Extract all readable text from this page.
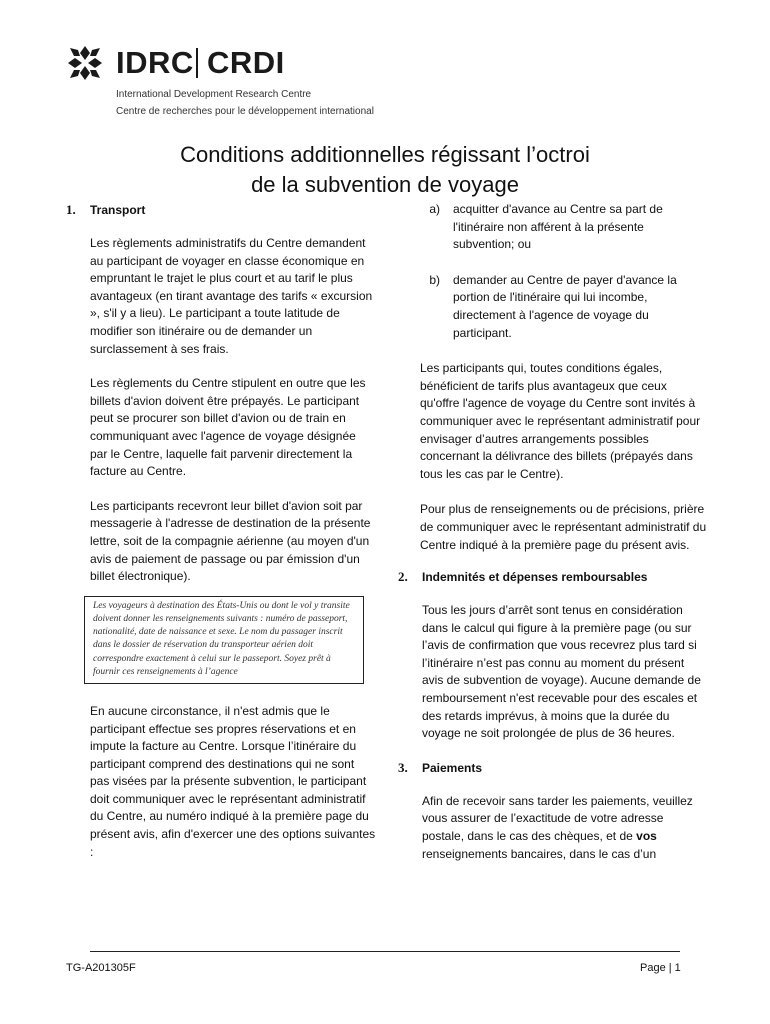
IDRC CRDI
International Development Research Centre
Centre de recherches pour le développement international
Conditions additionnelles régissant l’octroi
de la subvention de voyage
1.	Transport

Les règlements administratifs du Centre demandent au participant de voyager en classe économique en empruntant le trajet le plus court et au tarif le plus avantageux (en tirant avantage des tarifs « excursion », s'il y a lieu). Le participant a toute latitude de modifier son itinéraire ou de demander un surclassement à ses frais.

Les règlements du Centre stipulent en outre que les billets d'avion doivent être prépayés. Le participant peut se procurer son billet d'avion ou de train en communiquant avec l'agence de voyage désignée par le Centre, laquelle fait parvenir directement la facture au Centre.

Les participants recevront leur billet d'avion soit par messagerie à l'adresse de destination de la présente lettre, soit de la compagnie aérienne (au moyen d'un avis de paiement de passage ou par émission d'un billet électronique).

Les voyageurs à destination des États-Unis ou dont le vol y transite doivent donner les renseignements suivants : numéro de passeport, nationalité, date de naissance et sexe. Le nom du passager inscrit dans le dossier de réservation du transporteur aérien doit correspondre exactement à celui sur le passeport. Soyez prêt à fournir ces renseignements à l’agence

En aucune circonstance, il n'est admis que le participant effectue ses propres réservations et en impute la facture au Centre. Lorsque l’itinéraire du participant comprend des destinations qui ne sont pas visées par la présente subvention, le participant doit communiquer avec le représentant administratif du Centre, au numéro indiqué à la première page du présent avis, afin d'exercer une des options suivantes :

a)	acquitter d'avance au Centre sa part de l'itinéraire non afférent à la présente subvention; ou
b)	demander au Centre de payer d'avance la portion de l'itinéraire qui lui incombe, directement à l'agence de voyage du participant.

Les participants qui, toutes conditions égales, bénéficient de tarifs plus avantageux que ceux qu'offre l'agence de voyage du Centre sont invités à communiquer avec le représentant administratif pour envisager d’autres arrangements possibles concernant la délivrance des billets (prépayés dans tous les cas par le Centre).

Pour plus de renseignements ou de précisions, prière de communiquer avec le représentant administratif du Centre indiqué à la première page du présent avis.

2.	Indemnités et dépenses remboursables

Tous les jours d’arrêt sont tenus en considération dans le calcul qui figure à la première page (ou sur l’avis de confirmation que vous recevrez plus tard si l’itinéraire n’est pas connu au moment du présent avis de subvention de voyage). Aucune demande de remboursement n'est recevable pour des escales et des retards imprévus, à moins que la durée du voyage ne soit prolongée de plus de 36 heures.

3.	Paiements

Afin de recevoir sans tarder les paiements, veuillez vous assurer de l’exactitude de votre adresse postale, dans le cas des chèques, et de vos renseignements bancaires, dans le cas d’un

TG-A201305F	Page | 1
